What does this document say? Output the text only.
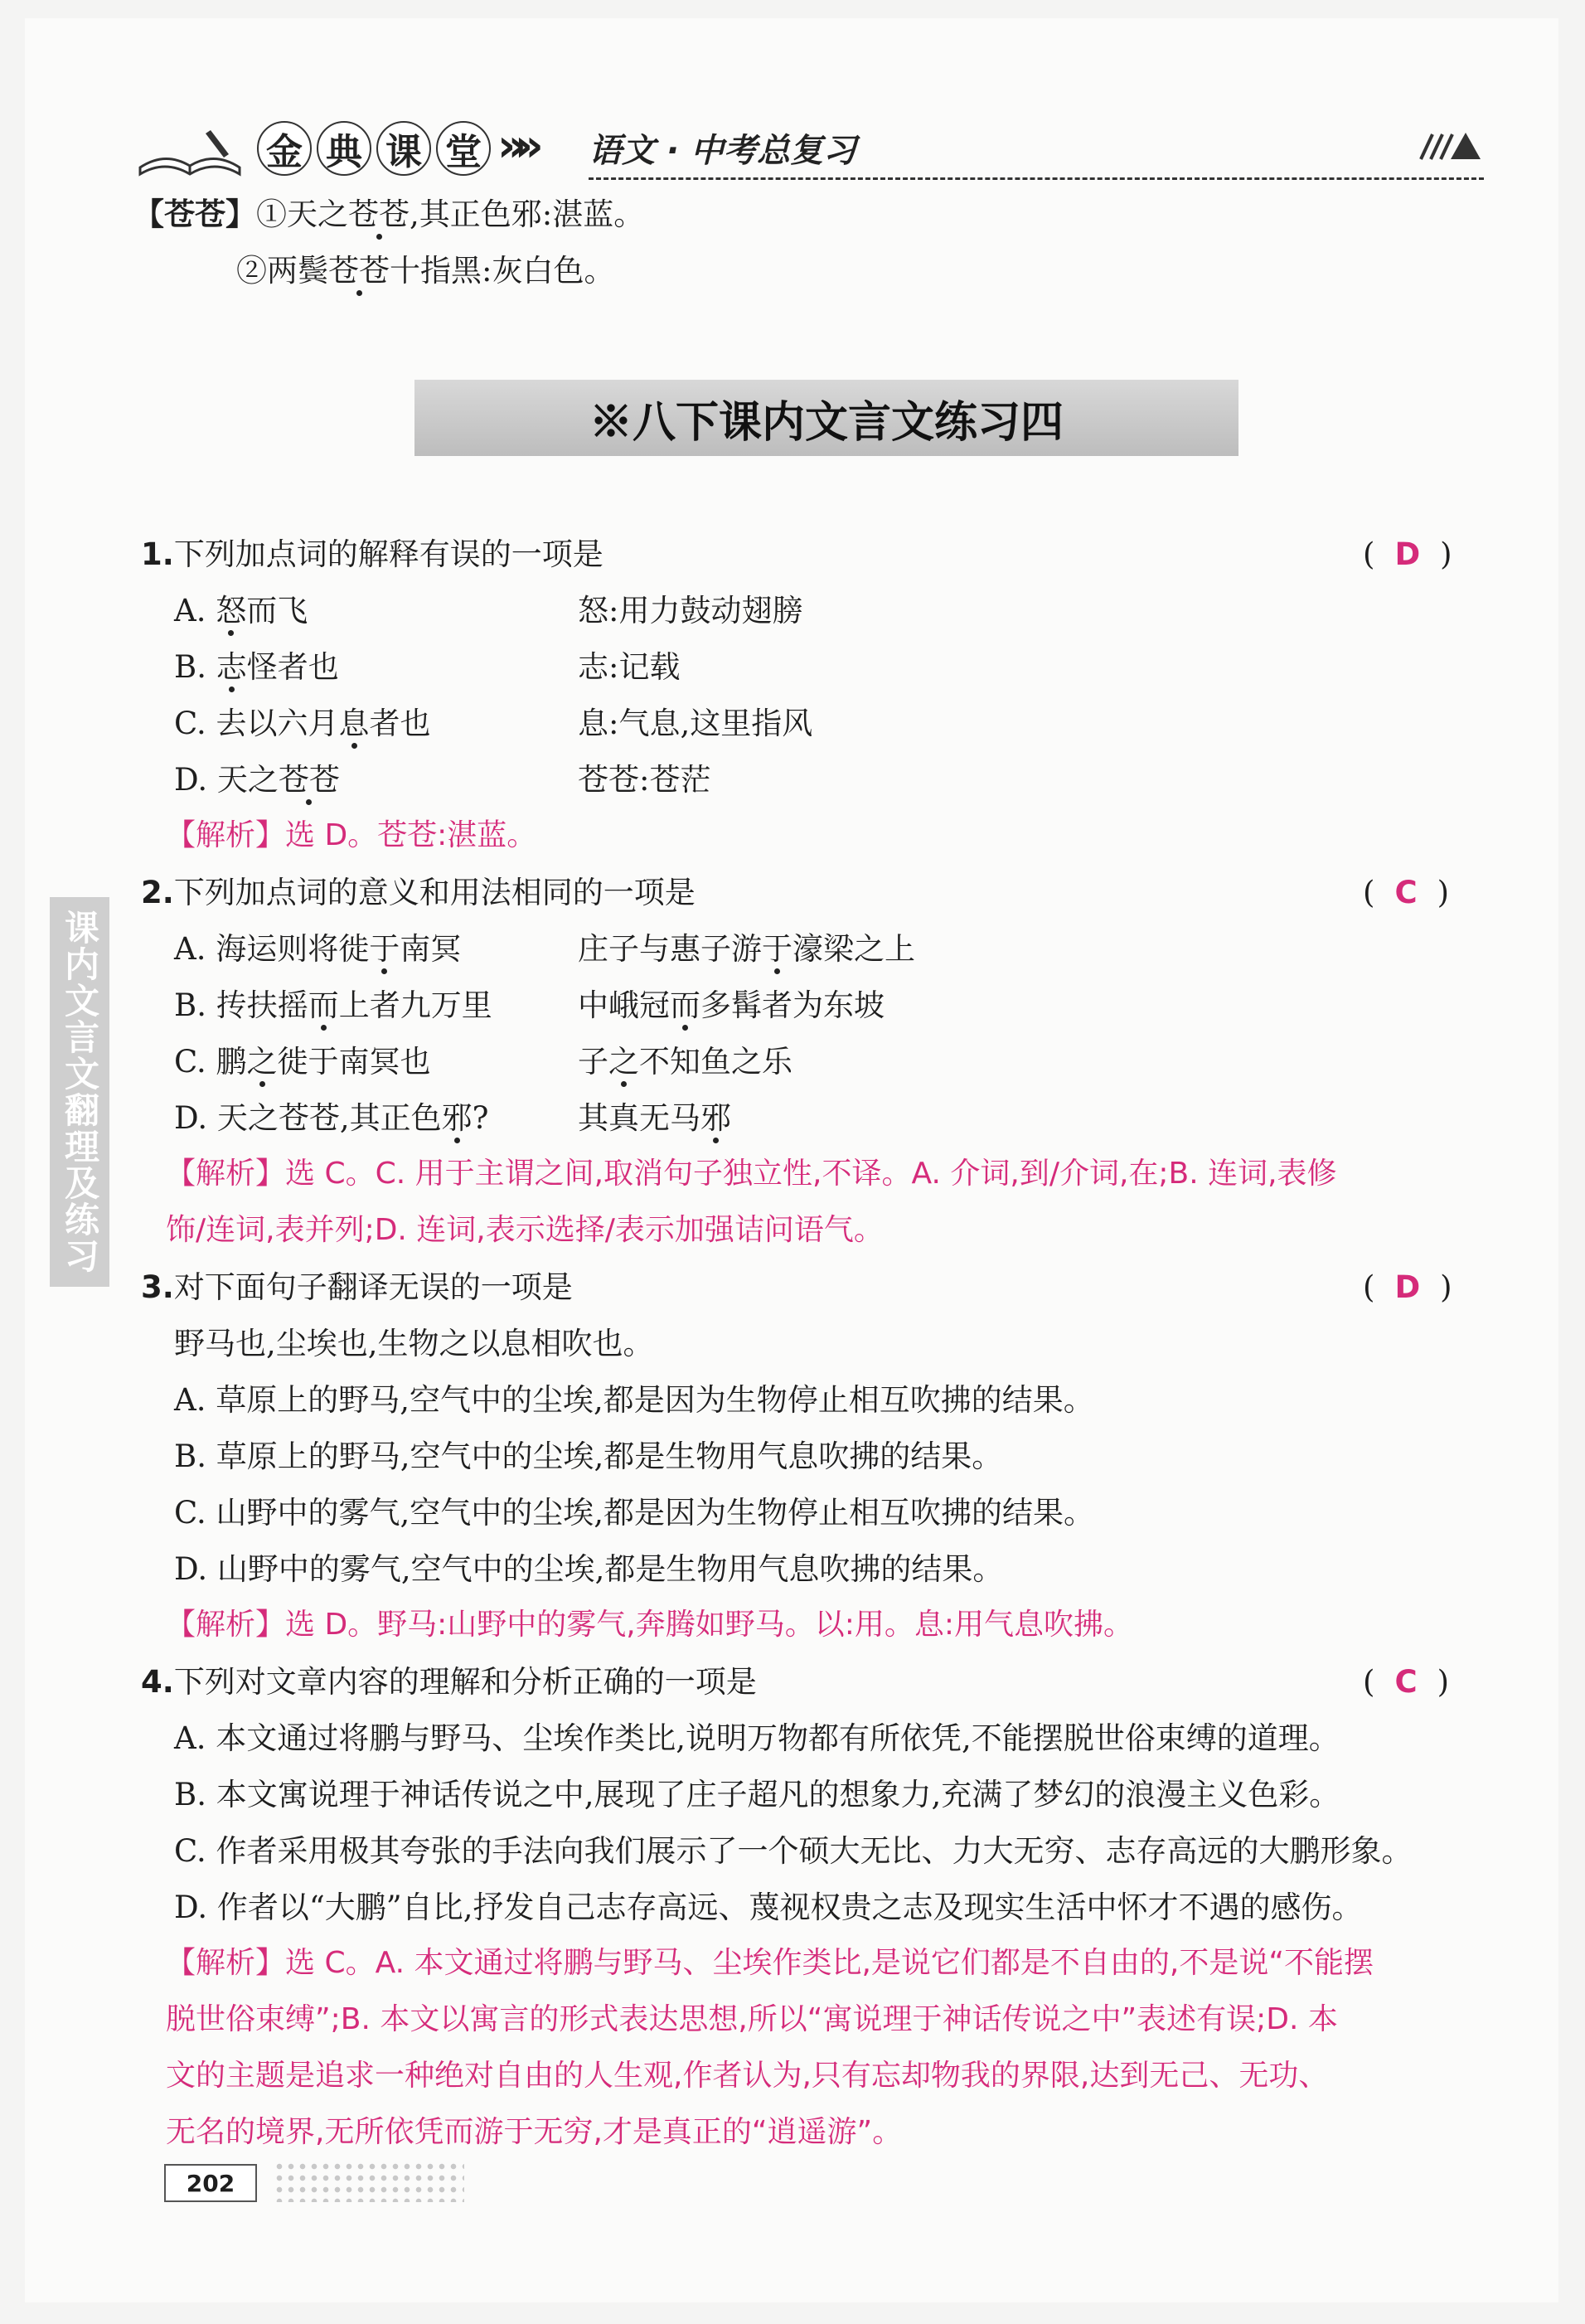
金 典 课 堂 »» 语文 · 中考总复习
【苍苍】①天之苍苍,其正色邪:湛蓝。
②两鬓苍苍十指黑:灰白色。
※八下课内文言文练习四
课内文言文翻理及练习
1.下列加点词的解释有误的一项是	( D )
A. 怒而飞	怒:用力鼓动翅膀
B. 志怪者也	志:记载
C. 去以六月息者也	息:气息,这里指风
D. 天之苍苍	苍苍:苍茫
【解析】选 D。苍苍:湛蓝。
2.下列加点词的意义和用法相同的一项是	( C )
A. 海运则将徙于南冥	庄子与惠子游于濠梁之上
B. 抟扶摇而上者九万里	中峨冠而多髯者为东坡
C. 鹏之徙于南冥也	子之不知鱼之乐
D. 天之苍苍,其正色邪?	其真无马邪
【解析】选 C。C. 用于主谓之间,取消句子独立性,不译。A. 介词,到/介词,在;B. 连词,表修
饰/连词,表并列;D. 连词,表示选择/表示加强诘问语气。
3.对下面句子翻译无误的一项是	( D )
野马也,尘埃也,生物之以息相吹也。
A. 草原上的野马,空气中的尘埃,都是因为生物停止相互吹拂的结果。
B. 草原上的野马,空气中的尘埃,都是生物用气息吹拂的结果。
C. 山野中的雾气,空气中的尘埃,都是因为生物停止相互吹拂的结果。
D. 山野中的雾气,空气中的尘埃,都是生物用气息吹拂的结果。
【解析】选 D。野马:山野中的雾气,奔腾如野马。以:用。息:用气息吹拂。
4.下列对文章内容的理解和分析正确的一项是	( C )
A. 本文通过将鹏与野马、尘埃作类比,说明万物都有所依凭,不能摆脱世俗束缚的道理。
B. 本文寓说理于神话传说之中,展现了庄子超凡的想象力,充满了梦幻的浪漫主义色彩。
C. 作者采用极其夸张的手法向我们展示了一个硕大无比、力大无穷、志存高远的大鹏形象。
D. 作者以“大鹏”自比,抒发自己志存高远、蔑视权贵之志及现实生活中怀才不遇的感伤。
【解析】选 C。A. 本文通过将鹏与野马、尘埃作类比,是说它们都是不自由的,不是说“不能摆
脱世俗束缚”;B. 本文以寓言的形式表达思想,所以“寓说理于神话传说之中”表述有误;D. 本
文的主题是追求一种绝对自由的人生观,作者认为,只有忘却物我的界限,达到无己、无功、
无名的境界,无所依凭而游于无穷,才是真正的“逍遥游”。
202
